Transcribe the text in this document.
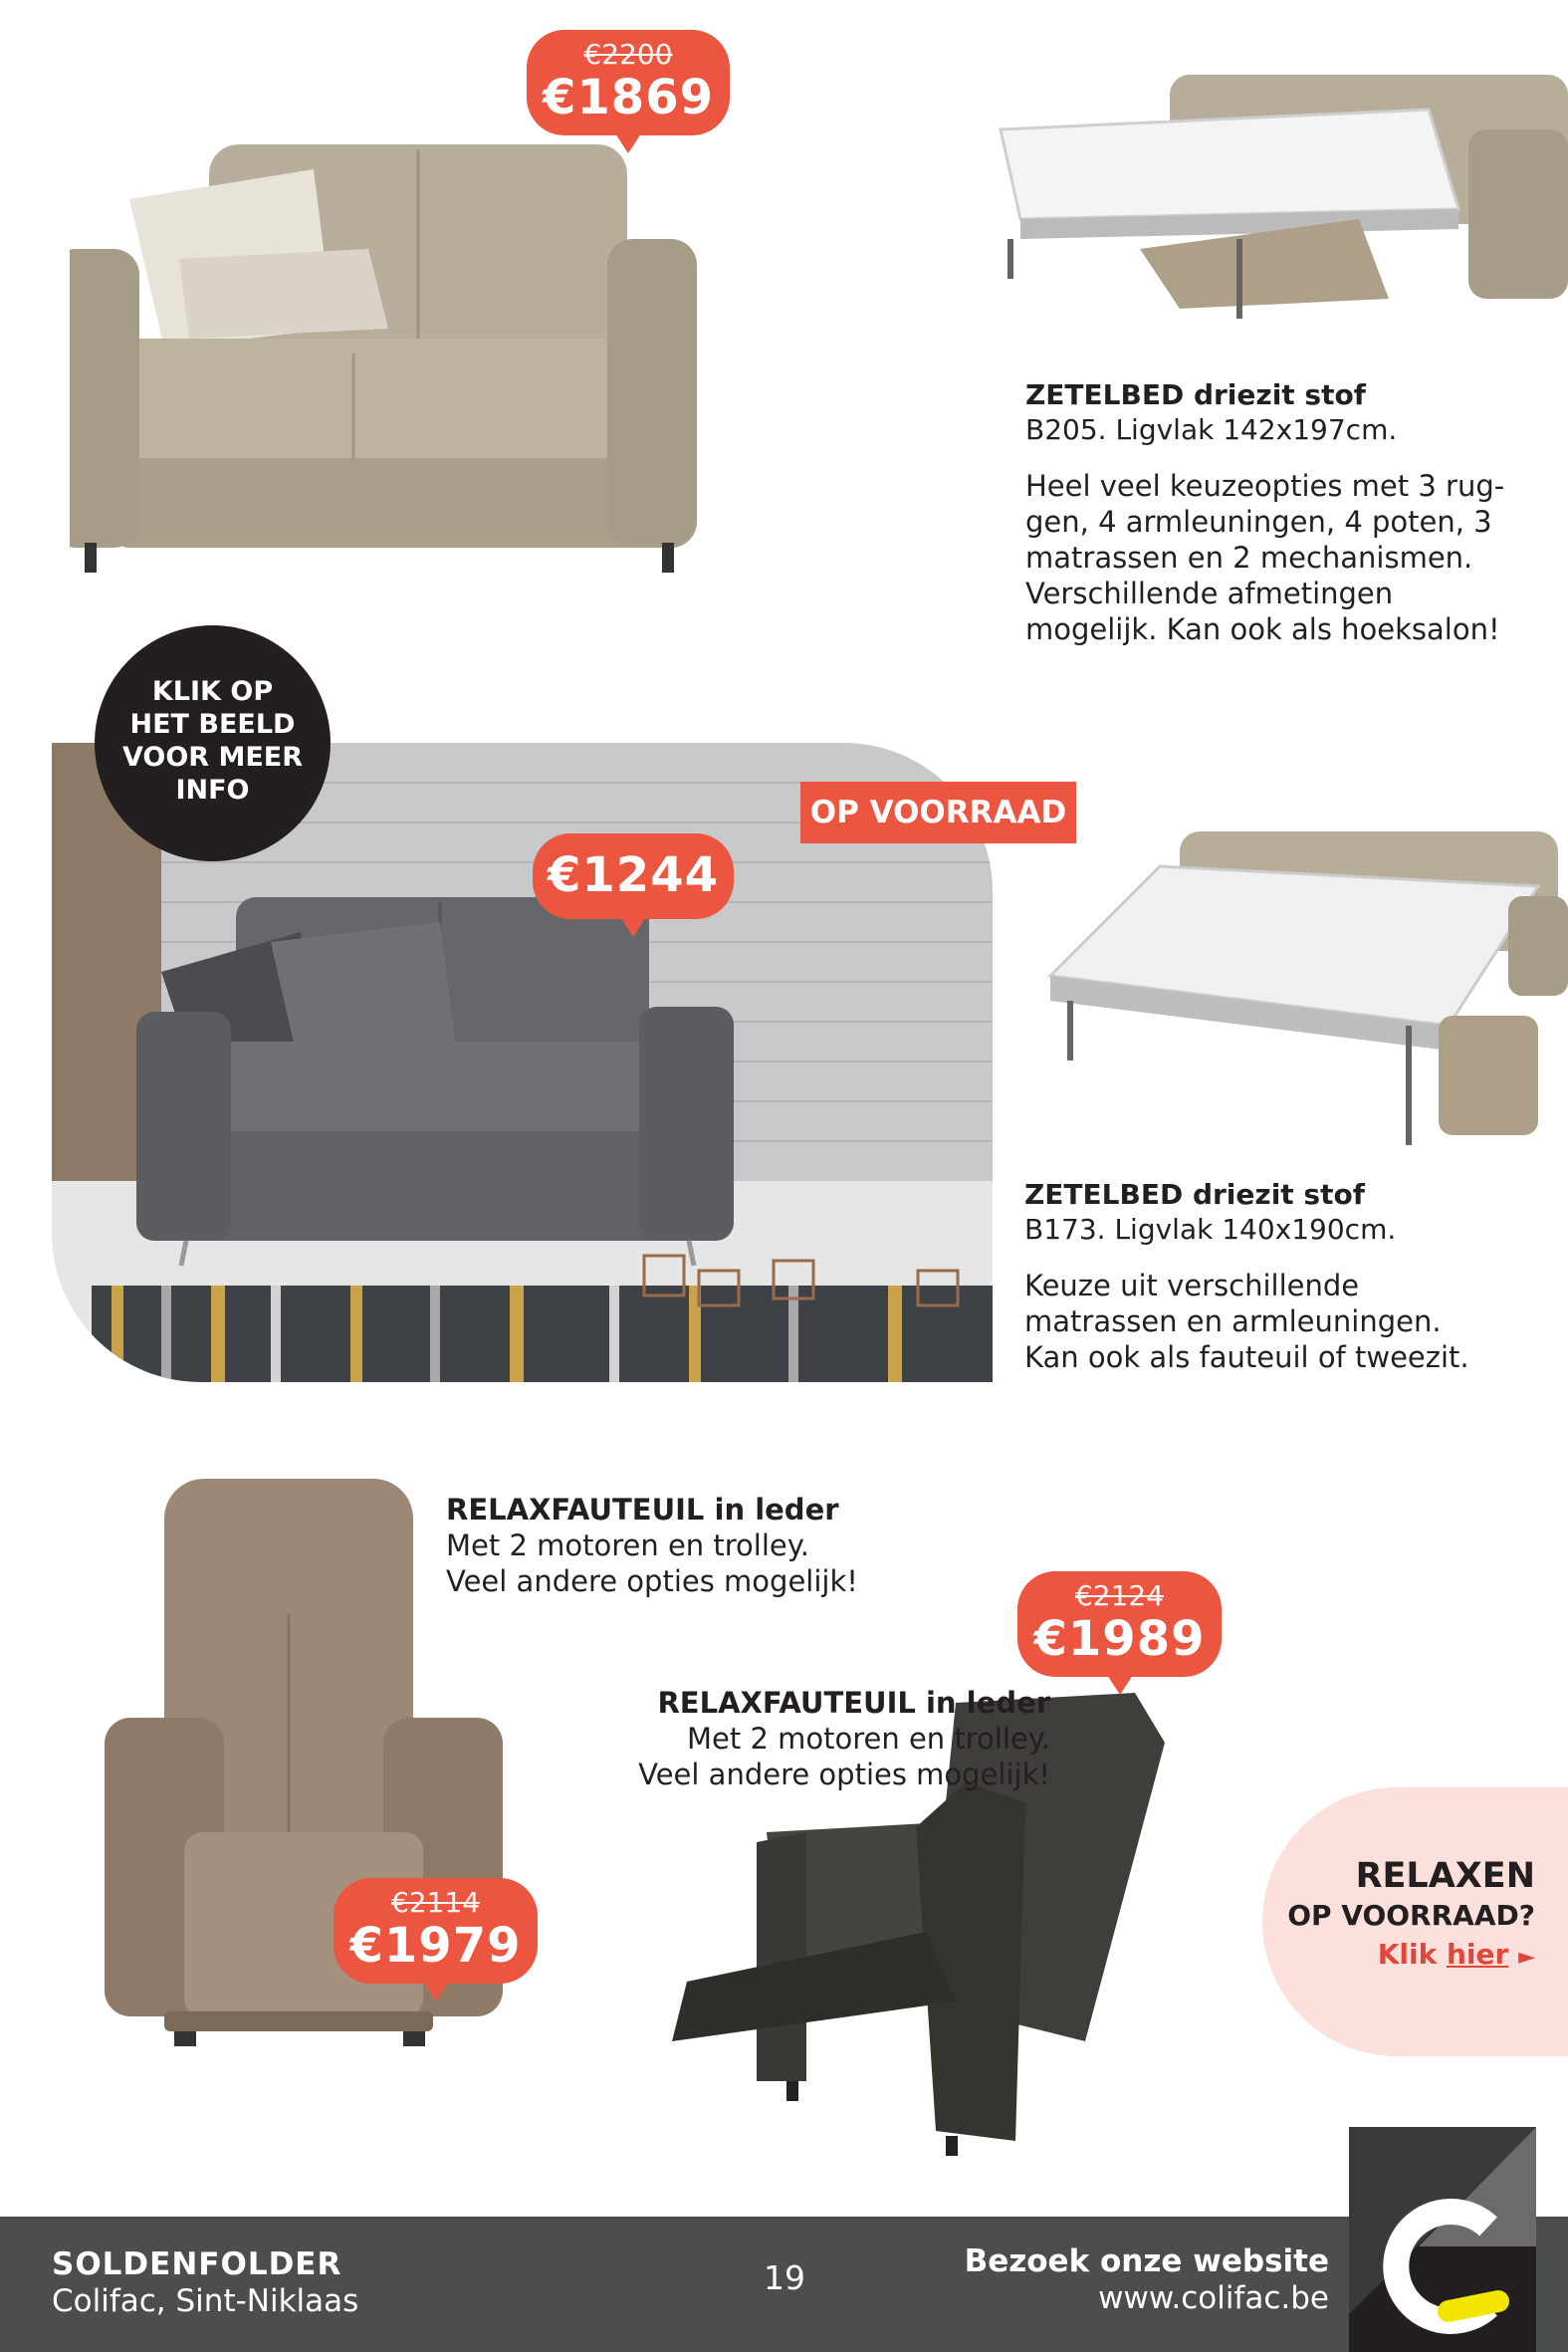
€2200
€1869
ZETELBED driezit stof
B205. Ligvlak 142x197cm.
Heel veel keuzeopties met 3 rug-
gen, 4 armleuningen, 4 poten, 3
matrassen en 2 mechanismen.
Verschillende afmetingen
mogelijk. Kan ook als hoeksalon!
KLIK OP
HET BEELD
VOOR MEER
INFO
OP VOORRAAD
€1244
ZETELBED driezit stof
B173. Ligvlak 140x190cm.
Keuze uit verschillende
matrassen en armleuningen.
Kan ook als fauteuil of tweezit.
€2114
€1979
RELAXFAUTEUIL in leder
Met 2 motoren en trolley.
Veel andere opties mogelijk!	€2124
€1989
RELAXFAUTEUIL in leder
Met 2 motoren en trolley.
Veel andere opties mogelijk!
RELAXEN
OP VOORRAAD?
Klik hier ►
SOLDENFOLDER
Colifac, Sint-Niklaas
19	Bezoek onze website
www.colifac.be
